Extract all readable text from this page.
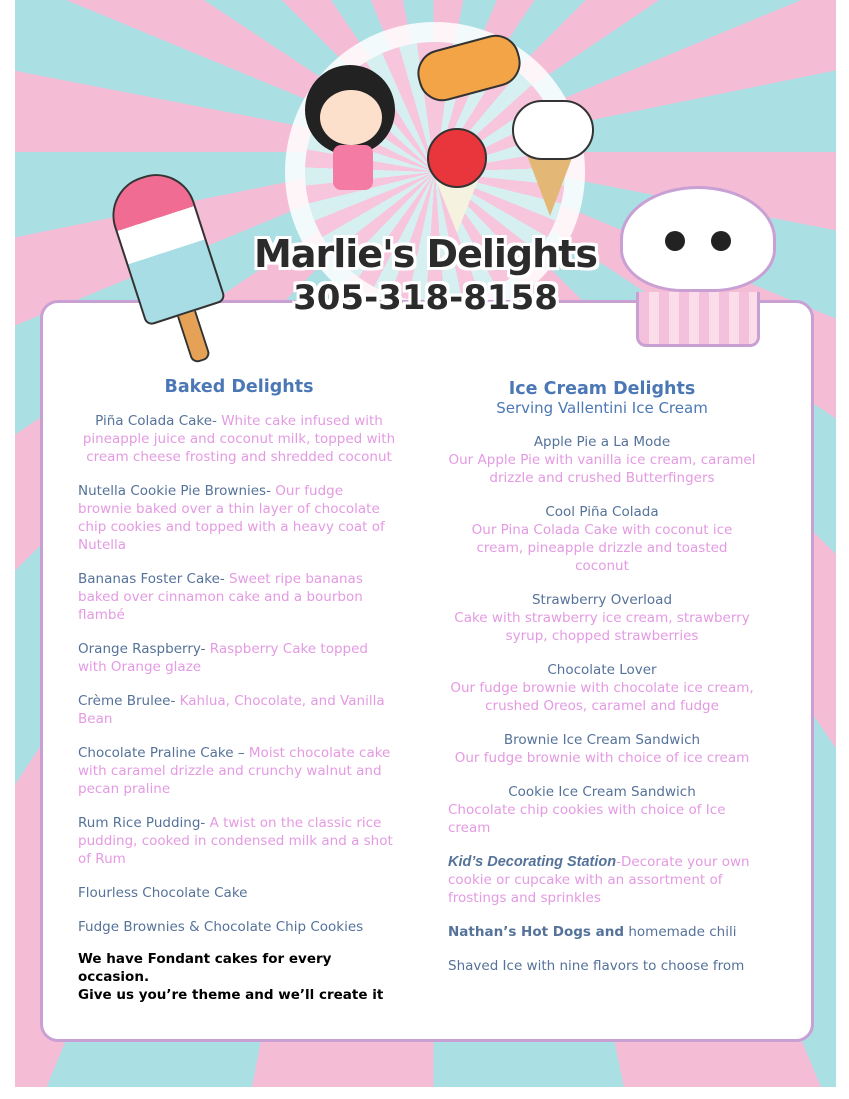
Marlie's Delights
305-318-8158
Baked Delights
Piña Colada Cake- White cake infused with pineapple juice and coconut milk, topped with cream cheese frosting and shredded coconut
Nutella Cookie Pie Brownies- Our fudge brownie baked over a thin layer of chocolate chip cookies and topped with a heavy coat of Nutella
Bananas Foster Cake- Sweet ripe bananas baked over cinnamon cake and a bourbon flambé
Orange Raspberry- Raspberry Cake topped with Orange glaze
Crème Brulee- Kahlua, Chocolate, and Vanilla Bean
Chocolate Praline Cake – Moist chocolate cake with caramel drizzle and crunchy walnut and pecan praline
Rum Rice Pudding- A twist on the classic rice pudding, cooked in condensed milk and a shot of Rum
Flourless Chocolate Cake
Fudge Brownies & Chocolate Chip Cookies
We have Fondant cakes for every occasion.
Give us you’re theme and we’ll create it
Ice Cream Delights
Serving Vallentini Ice Cream
Apple Pie a La Mode
Our Apple Pie with vanilla ice cream, caramel drizzle and crushed Butterfingers
Cool Piña Colada
Our Pina Colada Cake with coconut ice cream, pineapple drizzle and toasted coconut
Strawberry Overload
Cake with strawberry ice cream, strawberry syrup, chopped strawberries
Chocolate Lover
Our fudge brownie with chocolate ice cream, crushed Oreos, caramel and fudge
Brownie Ice Cream Sandwich
Our fudge brownie with choice of ice cream
Cookie Ice Cream Sandwich
Chocolate chip cookies with choice of Ice cream
Kid’s Decorating Station-Decorate your own cookie or cupcake with an assortment of frostings and sprinkles
Nathan’s Hot Dogs and homemade chili
Shaved Ice with nine flavors to choose from
